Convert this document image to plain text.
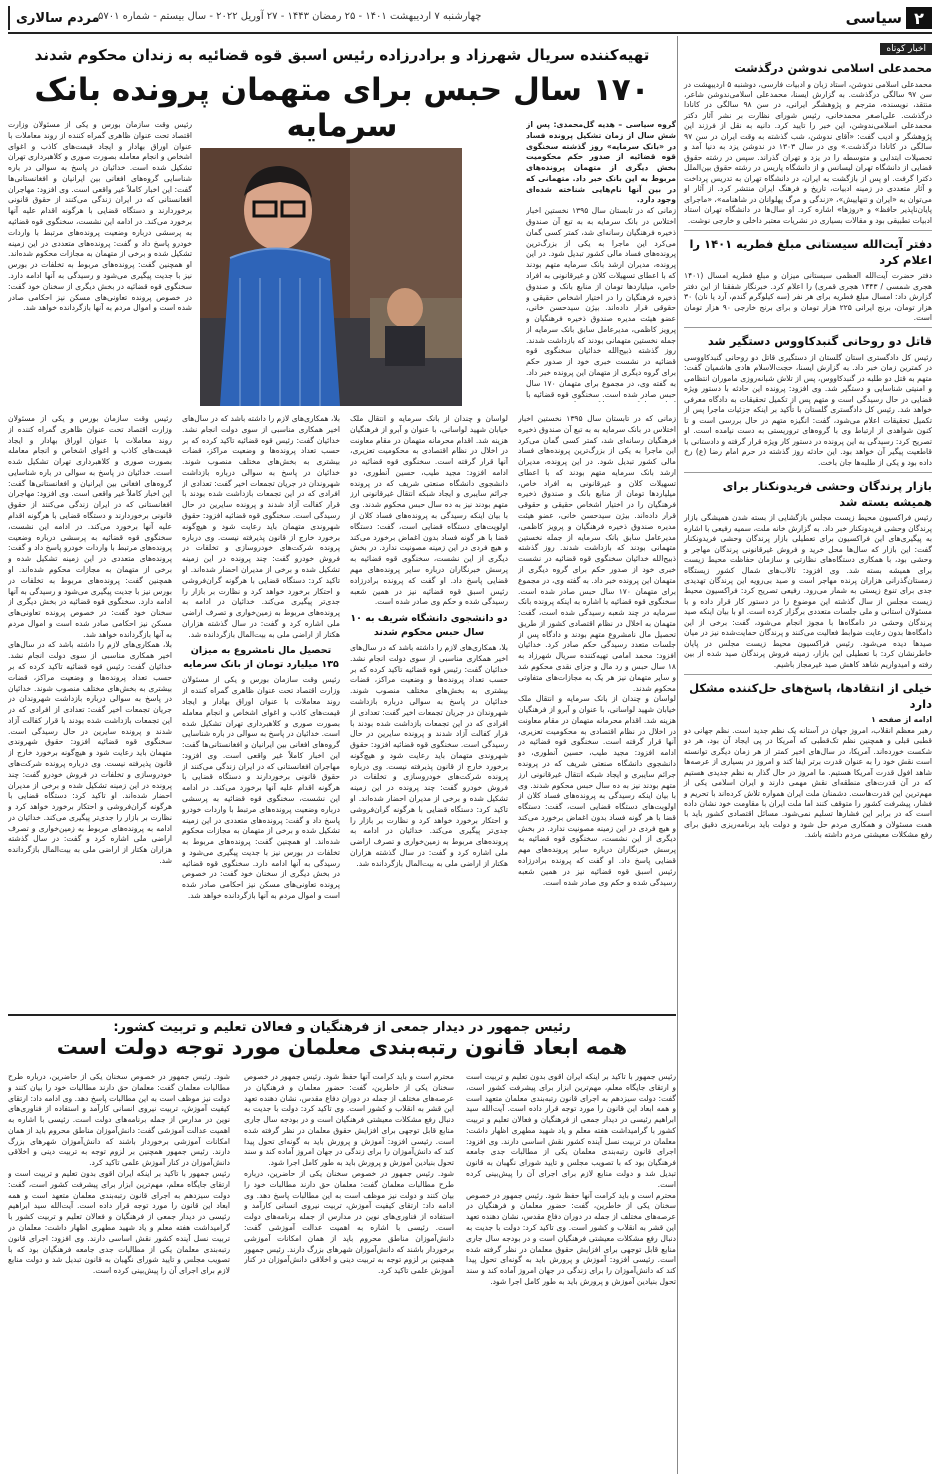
۲
سیاسی
چهارشنبه ۷ اردیبهشت ۱۴۰۱ - ۲۵ رمضان ۱۴۴۳ - ۲۷ آوریل ۲۰۲۲ - سال بیستم - شماره ۵۷۰۱
مردم سالاری
اخبار کوتاه
محمدعلی اسلامی ندوشن درگذشت
محمدعلی اسلامی ندوشن، استاد زبان و ادبیات فارسی، دوشنبه ۵ اردیبهشت در سن ۹۷ سالگی درگذشت. به گزارش ایسنا، محمدعلی اسلامی‌ندوشن شاعر، منتقد، نویسنده، مترجم و پژوهشگر ایرانی، در سن ۹۸ سالگی در کانادا درگذشت. علی‌اصغر محمدخانی، رئیس شورای نظارت بر نشر آثار دکتر محمدعلی اسلامی‌ندوشن، این خبر را تایید کرد. دانیه به نقل از فرزند این پژوهشگر و ادیب گفت: «آقای ندوشن، شب گذشته به وقت ایران در سن ۹۷ سالگی در کانادا درگذشت.» وی در سال ۱۳۰۳ در ندوشن یزد به دنیا آمد و تحصیلات ابتدایی و متوسطه را در یزد و تهران گذراند. سپس در رشته حقوق قضایی از دانشگاه تهران لیسانس و از دانشگاه پاریس در رشته حقوق بین‌الملل دکترا گرفت. او پس از بازگشت به ایران، در دانشگاه تهران به تدریس پرداخت و آثار متعددی در زمینه ادبیات، تاریخ و فرهنگ ایران منتشر کرد. از آثار او می‌توان به «ایران و تنهاییش»، «زندگی و مرگ پهلوانان در شاهنامه»، «ماجرای پایان‌ناپذیر حافظ» و «روزها» اشاره کرد. او سال‌ها در دانشگاه تهران استاد ادبیات تطبیقی بود و مقالات بسیاری در نشریات معتبر داخلی و خارجی نوشت.
دفتر آیت‌الله سیستانی مبلغ فطریه ۱۴۰۱ را اعلام کرد
دفتر حضرت آیت‌الله العظمی سیستانی میزان و مبلغ فطریه امسال (۱۴۰۱ هجری شمسی / ۱۴۴۳ هجری قمری) را اعلام کرد. خبرنگار شفقنا از این دفتر گزارش داد: امسال مبلغ فطریه برای هر نفر (سه کیلوگرم گندم، آرد یا نان) ۳۰ هزار تومان، برنج ایرانی ۲۲۵ هزار تومان و برای برنج خارجی ۹۰ هزار تومان است.
قاتل دو روحانی گنبدکاووس دستگیر شد
رئیس کل دادگستری استان گلستان از دستگیری قاتل دو روحانی گنبدکاووسی در کمترین زمان خبر داد. به گزارش ایسنا، حجت‌الاسلام هادی هاشمیان گفت: متهم به قتل دو طلبه در گنبدکاووس، پس از تلاش شبانه‌روزی ماموران انتظامی و امنیتی شناسایی و دستگیر شد. وی افزود: پرونده این حادثه با دستور ویژه قضایی در حال رسیدگی است و متهم پس از تکمیل تحقیقات به دادگاه معرفی خواهد شد. رئیس کل دادگستری گلستان با تأکید بر اینکه جزئیات ماجرا پس از تکمیل تحقیقات اعلام می‌شود، گفت: انگیزه متهم در حال بررسی است و تا کنون شواهدی از ارتباط وی با گروه‌های تروریستی به دست نیامده است. او تصریح کرد: رسیدگی به این پرونده در دستور کار ویژه قرار گرفته و دادستانی با قاطعیت پیگیر آن خواهد بود. این حادثه روز گذشته در حرم امام رضا (ع) رخ داده بود و یکی از طلبه‌ها جان باخت.
بازار پرندگان وحشی فریدونکنار برای همیشه بسته شد
رئیس فراکسیون محیط زیست مجلس بازگشایی از بسته شدن همیشگی بازار پرندگان وحشی فریدونکنار خبر داد. به گزارش خانه ملت، سمیه رفیعی با اشاره به پیگیری‌های این فراکسیون برای تعطیلی بازار پرندگان وحشی فریدونکنار گفت: این بازار که سال‌ها محل خرید و فروش غیرقانونی پرندگان مهاجر و وحشی بود، با همکاری دستگاه‌های نظارتی و سازمان حفاظت محیط زیست برای همیشه بسته شد. وی افزود: تالاب‌های شمال کشور زیستگاه زمستان‌گذرانی هزاران پرنده مهاجر است و صید بی‌رویه این پرندگان تهدیدی جدی برای تنوع زیستی به شمار می‌رود. رفیعی تصریح کرد: فراکسیون محیط زیست مجلس از سال گذشته این موضوع را در دستور کار قرار داده و با مسئولان استانی و ملی جلسات متعددی برگزار کرده است. او با بیان اینکه صید پرندگان وحشی در دامگاه‌ها با مجوز انجام می‌شود، گفت: برخی از این دامگاه‌ها بدون رعایت ضوابط فعالیت می‌کنند و پرندگان حمایت‌شده نیز در میان صیدها دیده می‌شود. رئیس فراکسیون محیط زیست مجلس در پایان خاطرنشان کرد: با تعطیلی این بازار، زمینه فروش پرندگان صید شده از بین رفته و امیدواریم شاهد کاهش صید غیرمجاز باشیم.
خیلی از انتقادها، پاسخ‌های حل‌کننده مشکل دارد
ادامه از صفحه ۱
رهبر معظم انقلاب، امروز جهان در آستانه یک نظم جدید است. نظم جهانی دو قطبی قبلی و همچنین نظم تک‌قطبی که آمریکا در پی ایجاد آن بود، هر دو شکست خورده‌اند. آمریکا، در سال‌های اخیر کمتر از هر زمان دیگری توانسته است نقش خود را به عنوان قدرت برتر ایفا کند و امروز در بسیاری از عرصه‌ها شاهد افول قدرت آمریکا هستیم. ما امروز در حال گذار به نظم جدیدی هستیم که در آن قدرت‌های منطقه‌ای نقش مهمی دارند و ایران اسلامی یکی از مهم‌ترین این قدرت‌هاست. دشمنان ملت ایران همواره تلاش کرده‌اند با تحریم و فشار، پیشرفت کشور را متوقف کنند اما ملت ایران با مقاومت خود نشان داده است که در برابر این فشارها تسلیم نمی‌شود. مسائل اقتصادی کشور باید با همت مسئولان و همکاری مردم حل شود و دولت باید برنامه‌ریزی دقیق برای رفع مشکلات معیشتی مردم داشته باشد.
تهیه‌کننده سریال شهرزاد و برادرزاده رئیس اسبق قوه قضائیه به زندان محکوم شدند
۱۷۰ سال حبس برای متهمان پرونده بانک سرمایه	گروه سیاسی – هدیه گل‌محمدی: پس از شش سال از زمان تشکیل پرونده فساد در «بانک سرمایه» روز گذشته سخنگوی قوه قضائیه از صدور حکم محکومیت بخش دیگری از متهمان پرونده‌های مربوط به این بانک خبر داد. متهمانی که در بین آنها نام‌هایی شناخته شده‌ای وجود دارد.
زمانی که در تابستان سال ۱۳۹۵ نخستین اخبار اختلاس در بانک سرمایه به به تبع آن صندوق ذخیره فرهنگیان رسانه‌ای شد، کمتر کسی گمان می‌کرد این ماجرا به یکی از بزرگ‌ترین پرونده‌های فساد مالی کشور تبدیل شود. در این پرونده، مدیران ارشد بانک سرمایه متهم بودند که با اعطای تسهیلات کلان و غیرقانونی به افراد خاص، میلیاردها تومان از منابع بانک و صندوق ذخیره فرهنگیان را در اختیار اشخاص حقیقی و حقوقی قرار داده‌اند. بیژن سیدحسن خانی، عضو هیئت مدیره صندوق ذخیره فرهنگیان و پرویز کاظمی، مدیرعامل سابق بانک سرمایه از جمله نخستین متهمانی بودند که بازداشت شدند. روز گذشته ذبیح‌الله خدائیان سخنگوی قوه قضائیه در نشست خبری خود از صدور حکم برای گروه دیگری از متهمان این پرونده خبر داد. به گفته وی، در مجموع برای متهمان ۱۷۰ سال حبس صادر شده است. سخنگوی قوه قضائیه با
رئیس وقت سازمان بورس و یکی از مسئولان وزارت اقتصاد تحت عنوان ظاهری گمراه کننده از روند معاملات با عنوان اوراق بهادار و ایجاد قیمت‌های کاذب و اغوای اشخاص و انجام معامله بصورت صوری و کلاهبرداری تهران تشکیل شده است. خدائیان در پاسخ به سوالی در باره شناسایی گروه‌های افغانی بین ایرانیان و افغانستانی‌ها گفت: این اخبار کاملاً غیر واقعی است. وی افزود: مهاجران افغانستانی که در ایران زندگی می‌کنند از حقوق قانونی برخوردارند و دستگاه قضایی با هرگونه اقدام علیه آنها برخورد می‌کند. در ادامه این نشست، سخنگوی قوه قضائیه به پرسشی درباره وضعیت پرونده‌های مرتبط با واردات خودرو پاسخ داد و گفت: پرونده‌های متعددی در این زمینه تشکیل شده و برخی از متهمان به مجازات محکوم شده‌اند. او همچنین گفت: پرونده‌های مربوط به تخلفات در بورس نیز با جدیت پیگیری می‌شود و رسیدگی به آنها ادامه دارد. سخنگوی قوه قضائیه در بخش دیگری از سخنان خود گفت: در خصوص پرونده تعاونی‌های مسکن نیز احکامی صادر شده است و اموال مردم به آنها بازگردانده خواهد شد.
زمانی که در تابستان سال ۱۳۹۵ نخستین اخبار اختلاس در بانک سرمایه به به تبع آن صندوق ذخیره فرهنگیان رسانه‌ای شد، کمتر کسی گمان می‌کرد این ماجرا به یکی از بزرگ‌ترین پرونده‌های فساد مالی کشور تبدیل شود. در این پرونده، مدیران ارشد بانک سرمایه متهم بودند که با اعطای تسهیلات کلان و غیرقانونی به افراد خاص، میلیاردها تومان از منابع بانک و صندوق ذخیره فرهنگیان را در اختیار اشخاص حقیقی و حقوقی قرار داده‌اند. بیژن سیدحسن خانی، عضو هیئت مدیره صندوق ذخیره فرهنگیان و پرویز کاظمی، مدیرعامل سابق بانک سرمایه از جمله نخستین متهمانی بودند که بازداشت شدند. روز گذشته ذبیح‌الله خدائیان سخنگوی قوه قضائیه در نشست خبری خود از صدور حکم برای گروه دیگری از متهمان این پرونده خبر داد. به گفته وی، در مجموع برای متهمان ۱۷۰ سال حبس صادر شده است. سخنگوی قوه قضائیه با اشاره به اینکه پرونده بانک سرمایه در چند شعبه رسیدگی شده است، گفت: متهمان به اخلال در نظام اقتصادی کشور از طریق تحصیل مال نامشروع متهم بودند و دادگاه پس از جلسات متعدد رسیدگی حکم صادر کرد. خدائیان افزود: محمد امامی تهیه‌کننده سریال شهرزاد به ۱۸ سال حبس و رد مال و جزای نقدی محکوم شد و سایر متهمان نیز هر یک به مجازات‌های متفاوتی محکوم شدند.
لواسان و چندان از بانک سرمایه و انتقال ملک خیابان شهید لواسانی، با عنوان و آبرو از فرهنگیان هزینه شد. اقدام محرمانه متهمان در مقام معاونت در اخلال در نظام اقتصادی به محکومیت تعزیری، آنها قرار گرفته است. سخنگوی قوه قضائیه در ادامه افزود: مجید طیب، حسین آنطوری، دو دانشجوی دانشگاه صنعتی شریف که در پرونده جرائم سایبری و ایجاد شبکه انتقال غیرقانونی ارز متهم بودند نیز به ده سال حبس محکوم شدند. وی با بیان اینکه رسیدگی به پرونده‌های فساد کلان از اولویت‌های دستگاه قضایی است، گفت: دستگاه قضا با هر گونه فساد بدون اغماض برخورد می‌کند و هیچ فردی در این زمینه مصونیت ندارد. در بخش دیگری از این نشست، سخنگوی قوه قضائیه به پرسش خبرنگاران درباره سایر پرونده‌های مهم قضایی پاسخ داد. او گفت که پرونده برادرزاده رئیس اسبق قوه قضائیه نیز در همین شعبه رسیدگی شده و حکم وی صادر شده است.
لواسان و چندان از بانک سرمایه و انتقال ملک خیابان شهید لواسانی، با عنوان و آبرو از فرهنگیان هزینه شد. اقدام محرمانه متهمان در مقام معاونت در اخلال در نظام اقتصادی به محکومیت تعزیری، آنها قرار گرفته است. سخنگوی قوه قضائیه در ادامه افزود: مجید طیب، حسین آنطوری، دو دانشجوی دانشگاه صنعتی شریف که در پرونده جرائم سایبری و ایجاد شبکه انتقال غیرقانونی ارز متهم بودند نیز به ده سال حبس محکوم شدند. وی با بیان اینکه رسیدگی به پرونده‌های فساد کلان از اولویت‌های دستگاه قضایی است، گفت: دستگاه قضا با هر گونه فساد بدون اغماض برخورد می‌کند و هیچ فردی در این زمینه مصونیت ندارد. در بخش دیگری از این نشست، سخنگوی قوه قضائیه به پرسش خبرنگاران درباره سایر پرونده‌های مهم قضایی پاسخ داد. او گفت که پرونده برادرزاده رئیس اسبق قوه قضائیه نیز در همین شعبه رسیدگی شده و حکم وی صادر شده است.
دو دانشجوی دانشگاه شریف به ۱۰ سال حبس محکوم شدند
بلا، همکاری‌های لازم را داشته باشد که در سال‌های اخیر همکاری مناسبی از سوی دولت انجام نشد. خدائیان گفت: رئیس قوه قضائیه تاکید کرده که بر حسب تعداد پرونده‌ها و وضعیت مراکز، قضات بیشتری به بخش‌های مختلف منصوب شوند. خدائیان در پاسخ به سوالی درباره بازداشت شهروندان در جریان تجمعات اخیر گفت: تعدادی از افرادی که در این تجمعات بازداشت شده بودند با قرار کفالت آزاد شدند و پرونده سایرین در حال رسیدگی است. سخنگوی قوه قضائیه افزود: حقوق شهروندی متهمان باید رعایت شود و هیچ‌گونه برخورد خارج از قانون پذیرفته نیست. وی درباره پرونده شرکت‌های خودروسازی و تخلفات در فروش خودرو گفت: چند پرونده در این زمینه تشکیل شده و برخی از مدیران احضار شده‌اند. او تاکید کرد: دستگاه قضایی با هرگونه گران‌فروشی و احتکار برخورد خواهد کرد و نظارت بر بازار را جدی‌تر پیگیری می‌کند. خدائیان در ادامه به پرونده‌های مربوط به زمین‌خواری و تصرف اراضی ملی اشاره کرد و گفت: در سال گذشته هزاران هکتار از اراضی ملی به بیت‌المال بازگردانده شد.
بلا، همکاری‌های لازم را داشته باشد که در سال‌های اخیر همکاری مناسبی از سوی دولت انجام نشد. خدائیان گفت: رئیس قوه قضائیه تاکید کرده که بر حسب تعداد پرونده‌ها و وضعیت مراکز، قضات بیشتری به بخش‌های مختلف منصوب شوند. خدائیان در پاسخ به سوالی درباره بازداشت شهروندان در جریان تجمعات اخیر گفت: تعدادی از افرادی که در این تجمعات بازداشت شده بودند با قرار کفالت آزاد شدند و پرونده سایرین در حال رسیدگی است. سخنگوی قوه قضائیه افزود: حقوق شهروندی متهمان باید رعایت شود و هیچ‌گونه برخورد خارج از قانون پذیرفته نیست. وی درباره پرونده شرکت‌های خودروسازی و تخلفات در فروش خودرو گفت: چند پرونده در این زمینه تشکیل شده و برخی از مدیران احضار شده‌اند. او تاکید کرد: دستگاه قضایی با هرگونه گران‌فروشی و احتکار برخورد خواهد کرد و نظارت بر بازار را جدی‌تر پیگیری می‌کند. خدائیان در ادامه به پرونده‌های مربوط به زمین‌خواری و تصرف اراضی ملی اشاره کرد و گفت: در سال گذشته هزاران هکتار از اراضی ملی به بیت‌المال بازگردانده شد.
تحصیل مال نامشروع به میزان ۱۳۵ میلیارد تومان از بانک سرمایه
رئیس وقت سازمان بورس و یکی از مسئولان وزارت اقتصاد تحت عنوان ظاهری گمراه کننده از روند معاملات با عنوان اوراق بهادار و ایجاد قیمت‌های کاذب و اغوای اشخاص و انجام معامله بصورت صوری و کلاهبرداری تهران تشکیل شده است. خدائیان در پاسخ به سوالی در باره شناسایی گروه‌های افغانی بین ایرانیان و افغانستانی‌ها گفت: این اخبار کاملاً غیر واقعی است. وی افزود: مهاجران افغانستانی که در ایران زندگی می‌کنند از حقوق قانونی برخوردارند و دستگاه قضایی با هرگونه اقدام علیه آنها برخورد می‌کند. در ادامه این نشست، سخنگوی قوه قضائیه به پرسشی درباره وضعیت پرونده‌های مرتبط با واردات خودرو پاسخ داد و گفت: پرونده‌های متعددی در این زمینه تشکیل شده و برخی از متهمان به مجازات محکوم شده‌اند. او همچنین گفت: پرونده‌های مربوط به تخلفات در بورس نیز با جدیت پیگیری می‌شود و رسیدگی به آنها ادامه دارد. سخنگوی قوه قضائیه در بخش دیگری از سخنان خود گفت: در خصوص پرونده تعاونی‌های مسکن نیز احکامی صادر شده است و اموال مردم به آنها بازگردانده خواهد شد.
رئیس وقت سازمان بورس و یکی از مسئولان وزارت اقتصاد تحت عنوان ظاهری گمراه کننده از روند معاملات با عنوان اوراق بهادار و ایجاد قیمت‌های کاذب و اغوای اشخاص و انجام معامله بصورت صوری و کلاهبرداری تهران تشکیل شده است. خدائیان در پاسخ به سوالی در باره شناسایی گروه‌های افغانی بین ایرانیان و افغانستانی‌ها گفت: این اخبار کاملاً غیر واقعی است. وی افزود: مهاجران افغانستانی که در ایران زندگی می‌کنند از حقوق قانونی برخوردارند و دستگاه قضایی با هرگونه اقدام علیه آنها برخورد می‌کند. در ادامه این نشست، سخنگوی قوه قضائیه به پرسشی درباره وضعیت پرونده‌های مرتبط با واردات خودرو پاسخ داد و گفت: پرونده‌های متعددی در این زمینه تشکیل شده و برخی از متهمان به مجازات محکوم شده‌اند. او همچنین گفت: پرونده‌های مربوط به تخلفات در بورس نیز با جدیت پیگیری می‌شود و رسیدگی به آنها ادامه دارد. سخنگوی قوه قضائیه در بخش دیگری از سخنان خود گفت: در خصوص پرونده تعاونی‌های مسکن نیز احکامی صادر شده است و اموال مردم به آنها بازگردانده خواهد شد.
بلا، همکاری‌های لازم را داشته باشد که در سال‌های اخیر همکاری مناسبی از سوی دولت انجام نشد. خدائیان گفت: رئیس قوه قضائیه تاکید کرده که بر حسب تعداد پرونده‌ها و وضعیت مراکز، قضات بیشتری به بخش‌های مختلف منصوب شوند. خدائیان در پاسخ به سوالی درباره بازداشت شهروندان در جریان تجمعات اخیر گفت: تعدادی از افرادی که در این تجمعات بازداشت شده بودند با قرار کفالت آزاد شدند و پرونده سایرین در حال رسیدگی است. سخنگوی قوه قضائیه افزود: حقوق شهروندی متهمان باید رعایت شود و هیچ‌گونه برخورد خارج از قانون پذیرفته نیست. وی درباره پرونده شرکت‌های خودروسازی و تخلفات در فروش خودرو گفت: چند پرونده در این زمینه تشکیل شده و برخی از مدیران احضار شده‌اند. او تاکید کرد: دستگاه قضایی با هرگونه گران‌فروشی و احتکار برخورد خواهد کرد و نظارت بر بازار را جدی‌تر پیگیری می‌کند. خدائیان در ادامه به پرونده‌های مربوط به زمین‌خواری و تصرف اراضی ملی اشاره کرد و گفت: در سال گذشته هزاران هکتار از اراضی ملی به بیت‌المال بازگردانده شد.
رئیس جمهور در دیدار جمعی از فرهنگیان و فعالان تعلیم و تربیت کشور:
همه ابعاد قانون رتبه‌بندی معلمان مورد توجه دولت است
رئیس جمهور با تاکید بر اینکه ایران اقوی بدون تعلیم و تربیت است و ارتقای جایگاه معلم، مهم‌ترین ابزار برای پیشرفت کشور است، گفت: دولت سیزدهم به اجرای قانون رتبه‌بندی معلمان متعهد است و همه ابعاد این قانون را مورد توجه قرار داده است. آیت‌الله سید ابراهیم رئیسی در دیدار جمعی از فرهنگیان و فعالان تعلیم و تربیت کشور با گرامیداشت هفته معلم و یاد شهید مطهری اظهار داشت: معلمان در تربیت نسل آینده کشور نقش اساسی دارند. وی افزود: اجرای قانون رتبه‌بندی معلمان یکی از مطالبات جدی جامعه فرهنگیان بود که با تصویب مجلس و تایید شورای نگهبان به قانون تبدیل شد و دولت منابع لازم برای اجرای آن را پیش‌بینی کرده است.
محترم است و باید کرامت آنها حفظ شود. رئیس جمهور در خصوص سخنان یکی از خاطرین، گفت: حضور معلمان و فرهنگیان در عرصه‌های مختلف از جمله در دوران دفاع مقدس، نشان دهنده تعهد این قشر به انقلاب و کشور است. وی تاکید کرد: دولت با جدیت به دنبال رفع مشکلات معیشتی فرهنگیان است و در بودجه سال جاری منابع قابل توجهی برای افزایش حقوق معلمان در نظر گرفته شده است. رئیسی افزود: آموزش و پرورش باید به گونه‌ای تحول پیدا کند که دانش‌آموزان را برای زندگی در جهان امروز آماده کند و سند تحول بنیادین آموزش و پرورش باید به طور کامل اجرا شود.
محترم است و باید کرامت آنها حفظ شود. رئیس جمهور در خصوص سخنان یکی از خاطرین، گفت: حضور معلمان و فرهنگیان در عرصه‌های مختلف از جمله در دوران دفاع مقدس، نشان دهنده تعهد این قشر به انقلاب و کشور است. وی تاکید کرد: دولت با جدیت به دنبال رفع مشکلات معیشتی فرهنگیان است و در بودجه سال جاری منابع قابل توجهی برای افزایش حقوق معلمان در نظر گرفته شده است. رئیسی افزود: آموزش و پرورش باید به گونه‌ای تحول پیدا کند که دانش‌آموزان را برای زندگی در جهان امروز آماده کند و سند تحول بنیادین آموزش و پرورش باید به طور کامل اجرا شود.
شود. رئیس جمهور در خصوص سخنان یکی از حاضرین، درباره طرح مطالبات معلمان گفت: معلمان حق دارند مطالبات خود را بیان کنند و دولت نیز موظف است به این مطالبات پاسخ دهد. وی ادامه داد: ارتقای کیفیت آموزش، تربیت نیروی انسانی کارآمد و استفاده از فناوری‌های نوین در مدارس از جمله برنامه‌های دولت است. رئیسی با اشاره به اهمیت عدالت آموزشی گفت: دانش‌آموزان مناطق محروم باید از همان امکانات آموزشی برخوردار باشند که دانش‌آموزان شهرهای بزرگ دارند. رئیس جمهور همچنین بر لزوم توجه به تربیت دینی و اخلاقی دانش‌آموزان در کنار آموزش علمی تاکید کرد.
شود. رئیس جمهور در خصوص سخنان یکی از حاضرین، درباره طرح مطالبات معلمان گفت: معلمان حق دارند مطالبات خود را بیان کنند و دولت نیز موظف است به این مطالبات پاسخ دهد. وی ادامه داد: ارتقای کیفیت آموزش، تربیت نیروی انسانی کارآمد و استفاده از فناوری‌های نوین در مدارس از جمله برنامه‌های دولت است. رئیسی با اشاره به اهمیت عدالت آموزشی گفت: دانش‌آموزان مناطق محروم باید از همان امکانات آموزشی برخوردار باشند که دانش‌آموزان شهرهای بزرگ دارند. رئیس جمهور همچنین بر لزوم توجه به تربیت دینی و اخلاقی دانش‌آموزان در کنار آموزش علمی تاکید کرد.
رئیس جمهور با تاکید بر اینکه ایران اقوی بدون تعلیم و تربیت است و ارتقای جایگاه معلم، مهم‌ترین ابزار برای پیشرفت کشور است، گفت: دولت سیزدهم به اجرای قانون رتبه‌بندی معلمان متعهد است و همه ابعاد این قانون را مورد توجه قرار داده است. آیت‌الله سید ابراهیم رئیسی در دیدار جمعی از فرهنگیان و فعالان تعلیم و تربیت کشور با گرامیداشت هفته معلم و یاد شهید مطهری اظهار داشت: معلمان در تربیت نسل آینده کشور نقش اساسی دارند. وی افزود: اجرای قانون رتبه‌بندی معلمان یکی از مطالبات جدی جامعه فرهنگیان بود که با تصویب مجلس و تایید شورای نگهبان به قانون تبدیل شد و دولت منابع لازم برای اجرای آن را پیش‌بینی کرده است.
